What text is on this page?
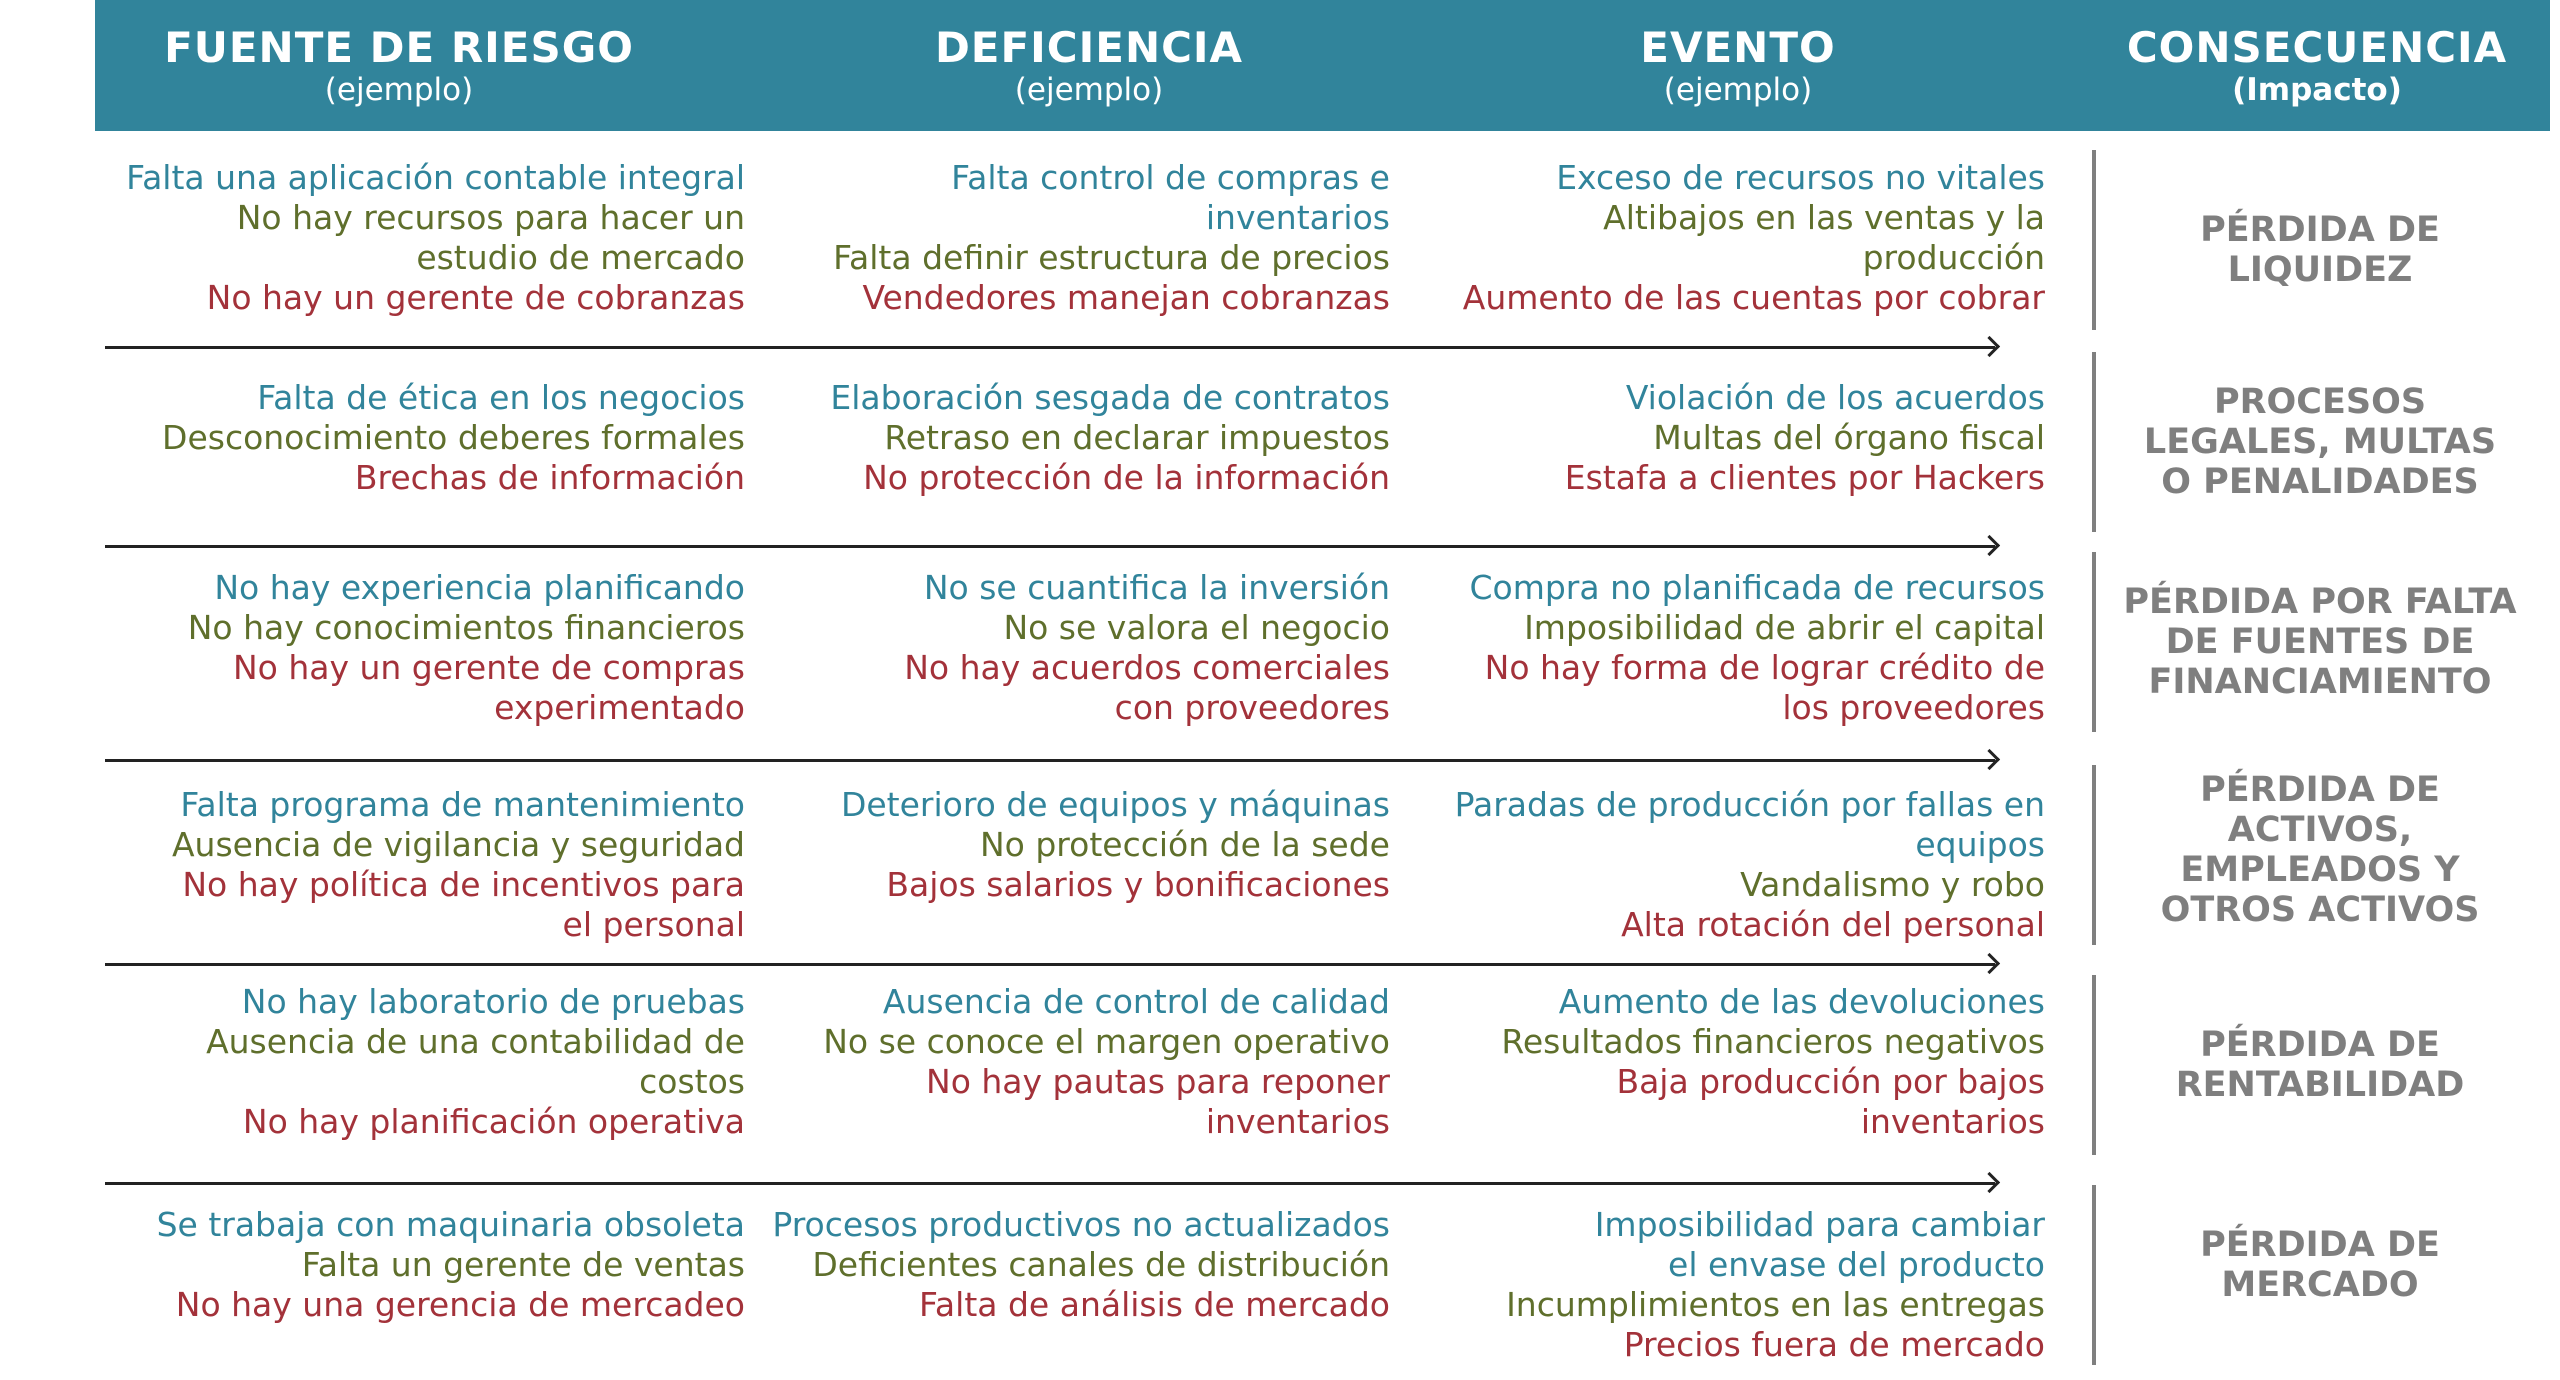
FUENTE DE RIESGO
(ejemplo)
DEFICIENCIA
(ejemplo)
EVENTO
(ejemplo)
CONSECUENCIA
(Impacto)
Falta una aplicación contable integral
No hay recursos para hacer un
estudio de mercado
No hay un gerente de cobranzas
Falta control de compras e
inventarios
Falta definir estructura de precios
Vendedores manejan cobranzas
Exceso de recursos no vitales
Altibajos en las ventas y la
producción
Aumento de las cuentas por cobrar
PÉRDIDA DE
LIQUIDEZ
Falta de ética en los negocios
Desconocimiento deberes formales
Brechas de información
Elaboración sesgada de contratos
Retraso en declarar impuestos
No protección de la información
Violación de los acuerdos
Multas del órgano fiscal
Estafa a clientes por Hackers
PROCESOS
LEGALES, MULTAS
O PENALIDADES
No hay experiencia planificando
No hay conocimientos financieros
No hay un gerente de compras
experimentado
No se cuantifica la inversión
No se valora el negocio
No hay acuerdos comerciales
con proveedores
Compra no planificada de recursos
Imposibilidad de abrir el capital
No hay forma de lograr crédito de
los proveedores
PÉRDIDA POR FALTA
DE FUENTES DE
FINANCIAMIENTO
Falta programa de mantenimiento
Ausencia de vigilancia y seguridad
No hay política de incentivos para
el personal
Deterioro de equipos y máquinas
No protección de la sede
Bajos salarios y bonificaciones
Paradas de producción por fallas en
equipos
Vandalismo y robo
Alta rotación del personal
PÉRDIDA DE
ACTIVOS,
EMPLEADOS Y
OTROS ACTIVOS
No hay laboratorio de pruebas
Ausencia de una contabilidad de
costos
No hay planificación operativa
Ausencia de control de calidad
No se conoce el margen operativo
No hay pautas para reponer
inventarios
Aumento de las devoluciones
Resultados financieros negativos
Baja producción por bajos
inventarios
PÉRDIDA DE
RENTABILIDAD
Se trabaja con maquinaria obsoleta
Falta un gerente de ventas
No hay una gerencia de mercadeo
Procesos productivos no actualizados
Deficientes canales de distribución
Falta de análisis de mercado
Imposibilidad para cambiar
el envase del producto
Incumplimientos en las entregas
Precios fuera de mercado
PÉRDIDA DE
MERCADO
